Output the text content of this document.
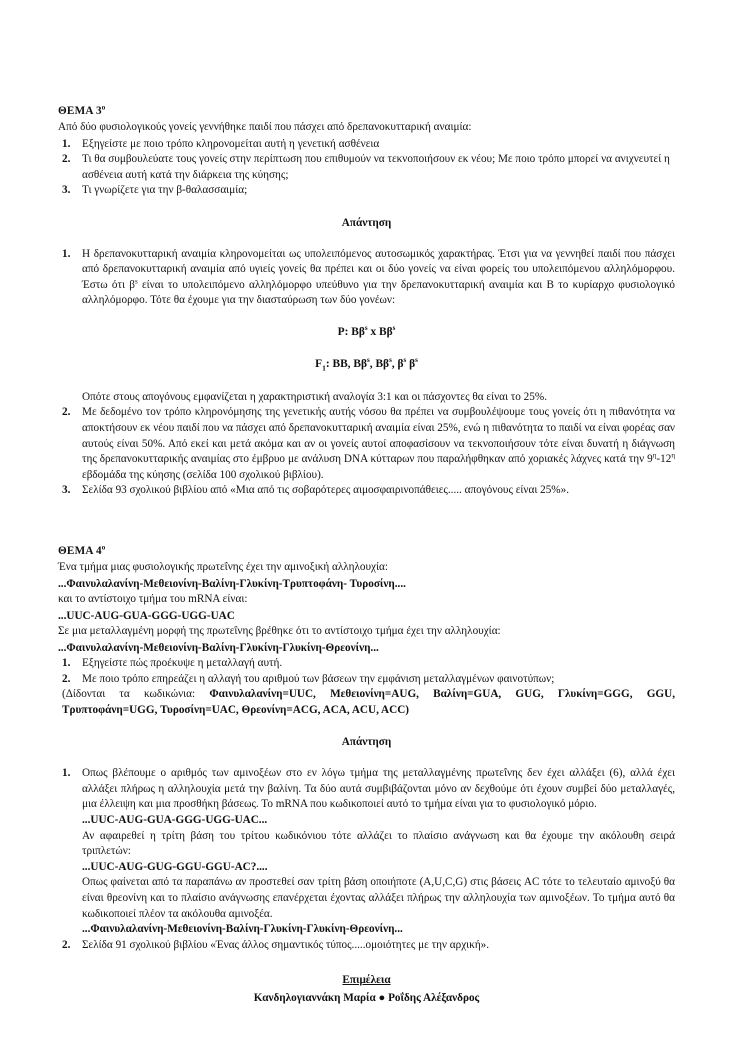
ΘΕΜΑ $3^o$

Από δύο φυσιολογικούς γονείς γεννήθηκε παιδί που πάσχει από δρεπανοκυτταρική αναιμία:

1. Εξηγείστε με ποιο τρόπο κληρονομείται αυτή η γενετική ασθένεια
2. Τι θα συμβουλεύατε τους γονείς στην περίπτωση που επιθυμούν να τεκνοποιήσουν εκ νέου; Με ποιο τρόπο μπορεί να ανιχνευτεί η ασθένεια αυτή κατά την διάρκεια της κύησης;
3. Τι γνωρίζετε για την β-θαλασσαιμία;

Απάντηση

1. Η δρεπανοκυτταρική αναιμία κληρονομείται ως υπολειπόμενος αυτοσωμικός χαρακτήρας. Έτσι για να γεννηθεί παιδί που πάσχει από δρεπανοκυτταρική αναιμία από υγιείς γονείς θα πρέπει και οι δύο γονείς να είναι φορείς του υπολειπόμενου αλληλόμορφου. Έστω ότι $\beta^s$ είναι το υπολειπόμενο αλληλόμορφο υπεύθυνο για την δρεπανοκυτταρική αναιμία και Β το κυρίαρχο φυσιολογικό αλληλόμορφο. Τότε θα έχουμε για την διασταύρωση των δύο γονέων:

P: $B\beta^s$ x $B\beta^s$

$F_1$: ΒΒ, $B\beta^s$, $B\beta^s$, $\beta^s$ $\beta^s$

Οπότε στους απογόνους εμφανίζεται η χαρακτηριστική αναλογία 3:1 και οι πάσχοντες θα είναι το 25%.

2. Με δεδομένο τον τρόπο κληρονόμησης της γενετικής αυτής νόσου θα πρέπει να συμβουλέψουμε τους γονείς ότι η πιθανότητα να αποκτήσουν εκ νέου παιδί που να πάσχει από δρεπανοκυτταρική αναιμία είναι 25%, ενώ η πιθανότητα το παιδί να είναι φορέας σαν αυτούς είναι 50%. Από εκεί και μετά ακόμα και αν οι γονείς αυτοί αποφασίσουν να τεκνοποιήσουν τότε είναι δυνατή η διάγνωση της δρεπανοκυτταρικής αναιμίας στο έμβρυο με ανάλυση DNA κύτταρων που παραλήφθηκαν από χοριακές λάχνες κατά την $9^\eta-12^\eta$ εβδομάδα της κύησης (σελίδα 100 σχολικού βιβλίου).
3. Σελίδα 93 σχολικού βιβλίου από «Μια από τις σοβαρότερες αιμοσφαιρινοπάθειες..... απογόνους είναι 25%».

ΘΕΜΑ $4^o$

Ένα τμήμα μιας φυσιολογικής πρωτεΐνης έχει την αμινοξική αλληλουχία:

...Φαινυλαλανίνη-Μεθειονίνη-Βαλίνη-Γλυκίνη-Τρυπτοφάνη- Τυροσίνη....

και το αντίστοιχο τμήμα του mRNA είναι:

...UUC-AUG-GUA-GGG-UGG-UAC

Σε μια μεταλλαγμένη μορφή της πρωτεΐνης βρέθηκε ότι το αντίστοιχο τμήμα έχει την αλληλουχία:

...Φαινυλαλανίνη-Μεθειονίνη-Βαλίνη-Γλυκίνη-Γλυκίνη-Θρεονίνη...

1. Εξηγείστε πώς προέκυψε η μεταλλαγή αυτή.
2. Με ποιο τρόπο επηρεάζει η αλλαγή του αριθμού των βάσεων την εμφάνιση μεταλλαγμένων φαινοτύπων;

(Δίδονται τα κωδικώνια: Φαινυλαλανίνη=UUC, Μεθειονίνη=AUG, Βαλίνη=GUA, GUG, Γλυκίνη=GGG, GGU, Τρυπτοφάνη=UGG, Τυροσίνη=UAC, Θρεονίνη=ACG, ACA, ACU, ACC)

Απάντηση

1. Οπως βλέπουμε ο αριθμός των αμινοξέων στο εν λόγω τμήμα της μεταλλαγμένης πρωτεΐνης δεν έχει αλλάξει (6), αλλά έχει αλλάξει πλήρως η αλληλουχία μετά την βαλίνη. Τα δύο αυτά συμβιβάζονται μόνο αν δεχθούμε ότι έχουν συμβεί δύο μεταλλαγές, μια έλλειψη και μια προσθήκη βάσεως. Το mRNA που κωδικοποιεί αυτό το τμήμα είναι για το φυσιολογικό μόριο.

...UUC-AUG-GUA-GGG-UGG-UAC...

Αν αφαιρεθεί η τρίτη βάση του τρίτου κωδικόνιου τότε αλλάζει το πλαίσιο ανάγνωση και θα έχουμε την ακόλουθη σειρά τριπλετών:

...UUC-AUG-GUG-GGU-GGU-AC?....

Οπως φαίνεται από τα παραπάνω αν προστεθεί σαν τρίτη βάση οποιήποτε (A,U,C,G) στις βάσεις AC τότε το τελευταίο αμινοξύ θα είναι θρεονίνη και το πλαίσιο ανάγνωσης επανέρχεται έχοντας αλλάξει πλήρως την αλληλουχία των αμινοξέων. Το τμήμα αυτό θα κωδικοποιεί πλέον τα ακόλουθα αμινοξέα.

...Φαινυλαλανίνη-Μεθειονίνη-Βαλίνη-Γλυκίνη-Γλυκίνη-Θρεονίνη...

2. Σελίδα 91 σχολικού βιβλίου «Ένας άλλος σημαντικός τύπος.....ομοιότητες με την αρχική».
Επιμέλεια
Κανδηλογιαννάκη Μαρία ● Ροΐδης Αλέξανδρος
